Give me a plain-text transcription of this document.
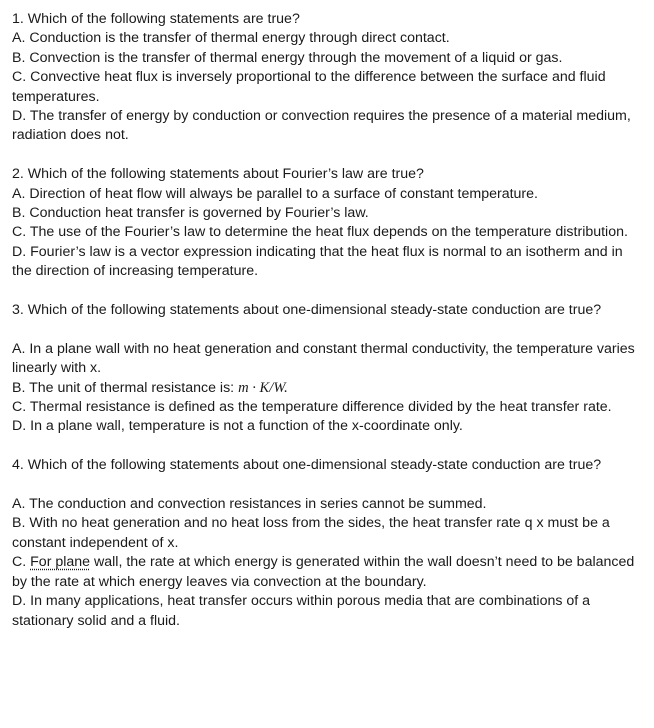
1. Which of the following statements are true?
A. Conduction is the transfer of thermal energy through direct contact.
B. Convection is the transfer of thermal energy through the movement of a liquid or gas.
C. Convective heat flux is inversely proportional to the difference between the surface and fluid temperatures.
D. The transfer of energy by conduction or convection requires the presence of a material medium, radiation does not.
2. Which of the following statements about Fourier’s law are true?
A. Direction of heat flow will always be parallel to a surface of constant temperature.
B. Conduction heat transfer is governed by Fourier’s law.
C. The use of the Fourier’s law to determine the heat flux depends on the temperature distribution.
D. Fourier’s law is a vector expression indicating that the heat flux is normal to an isotherm and in the direction of increasing temperature.
3. Which of the following statements about one-dimensional steady-state conduction are true?
A. In a plane wall with no heat generation and constant thermal conductivity, the temperature varies linearly with x.
B. The unit of thermal resistance is: m · K/W.
C. Thermal resistance is defined as the temperature difference divided by the heat transfer rate.
D. In a plane wall, temperature is not a function of the x-coordinate only.
4. Which of the following statements about one-dimensional steady-state conduction are true?
A. The conduction and convection resistances in series cannot be summed.
B. With no heat generation and no heat loss from the sides, the heat transfer rate q x must be a constant independent of x.
C. For plane wall, the rate at which energy is generated within the wall doesn’t need to be balanced by the rate at which energy leaves via convection at the boundary.
D. In many applications, heat transfer occurs within porous media that are combinations of a stationary solid and a fluid.
